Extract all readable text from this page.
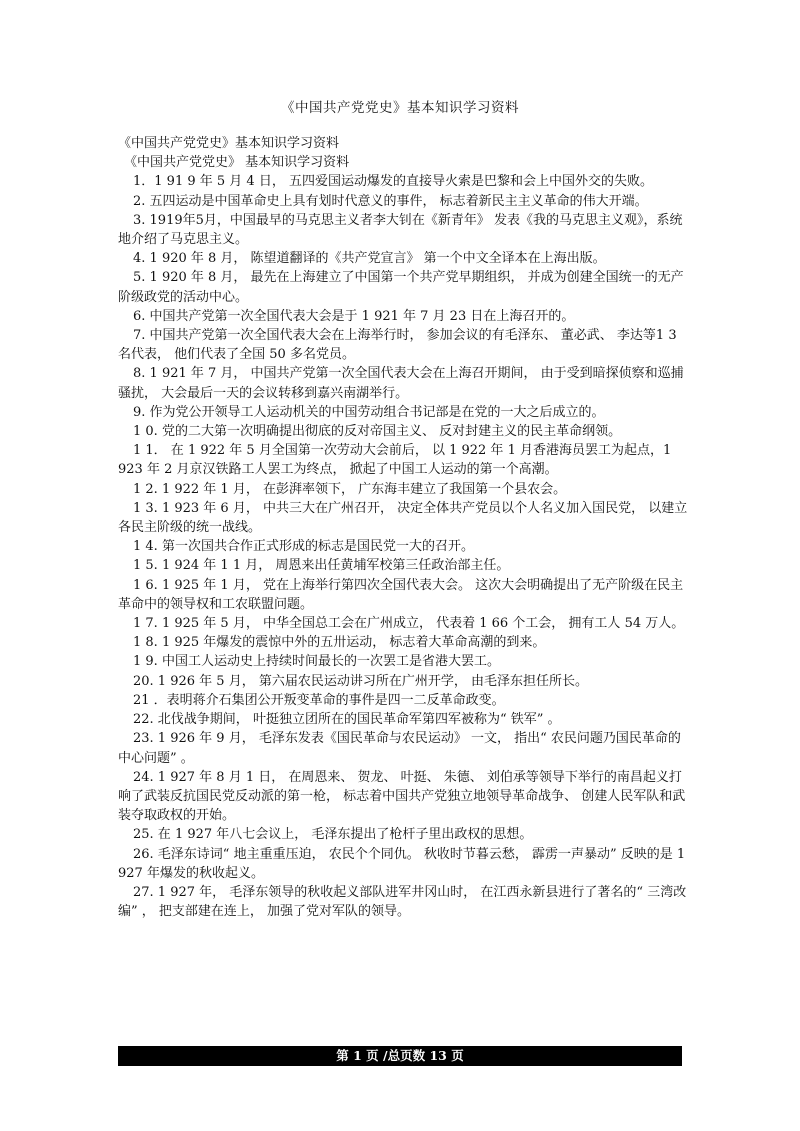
《中国共产党党史》基本知识学习资料

《中国共产党党史》基本知识学习资料

《中国共产党党史》 基本知识学习资料

1．1 91 9 年 5 月 4 日， 五四爱国运动爆发的直接导火索是巴黎和会上中国外交的失败。

2. 五四运动是中国革命史上具有划时代意义的事件， 标志着新民主主义革命的伟大开端。

3. 1919年5月，中国最早的马克思主义者李大钊在《新青年》 发表《我的马克思主义观》，系统地介绍了马克思主义。

4. 1 920 年 8 月， 陈望道翻译的《共产党宣言》 第一个中文全译本在上海出版。

5. 1 920 年 8 月， 最先在上海建立了中国第一个共产党早期组织， 并成为创建全国统一的无产阶级政党的活动中心。

6. 中国共产党第一次全国代表大会是于 1 921 年 7 月 23 日在上海召开的。

7. 中国共产党第一次全国代表大会在上海举行时， 参加会议的有毛泽东、 董必武、 李达等1 3 名代表， 他们代表了全国 50 多名党员。

8. 1 921 年 7 月， 中国共产党第一次全国代表大会在上海召开期间， 由于受到暗探侦察和巡捕骚扰， 大会最后一天的会议转移到嘉兴南湖举行。

9. 作为党公开领导工人运动机关的中国劳动组合书记部是在党的一大之后成立的。

1 0. 党的二大第一次明确提出彻底的反对帝国主义、 反对封建主义的民主革命纲领。

1 1． 在 1 922 年 5 月全国第一次劳动大会前后， 以 1 922 年 1 月香港海员罢工为起点，1 923 年 2 月京汉铁路工人罢工为终点， 掀起了中国工人运动的第一个高潮。

1 2. 1 922 年 1 月， 在彭湃率领下， 广东海丰建立了我国第一个县农会。

1 3. 1 923 年 6 月， 中共三大在广州召开， 决定全体共产党员以个人名义加入国民党， 以建立各民主阶级的统一战线。

1 4. 第一次国共合作正式形成的标志是国民党一大的召开。

1 5. 1 924 年 1 1 月， 周恩来出任黄埔军校第三任政治部主任。

1 6. 1 925 年 1 月， 党在上海举行第四次全国代表大会。 这次大会明确提出了无产阶级在民主革命中的领导权和工农联盟问题。

1 7. 1 925 年 5 月， 中华全国总工会在广州成立， 代表着 1 66 个工会， 拥有工人 54 万人。

1 8. 1 925 年爆发的震惊中外的五卅运动， 标志着大革命高潮的到来。

1 9. 中国工人运动史上持续时间最长的一次罢工是省港大罢工。

20. 1 926 年 5 月， 第六届农民运动讲习所在广州开学， 由毛泽东担任所长。

21 ．表明蒋介石集团公开叛变革命的事件是四一二反革命政变。

22. 北伐战争期间， 叶挺独立团所在的国民革命军第四军被称为“ 铁军” 。

23. 1 926 年 9 月， 毛泽东发表《国民革命与农民运动》 一文， 指出“ 农民问题乃国民革命的中心问题” 。

24. 1 927 年 8 月 1 日， 在周恩来、 贺龙、 叶挺、 朱德、 刘伯承等领导下举行的南昌起义打响了武装反抗国民党反动派的第一枪， 标志着中国共产党独立地领导革命战争、 创建人民军队和武装夺取政权的开始。

25. 在 1 927 年八七会议上， 毛泽东提出了枪杆子里出政权的思想。

26. 毛泽东诗词“ 地主重重压迫， 农民个个同仇。 秋收时节暮云愁， 霹雳一声暴动” 反映的是 1 927 年爆发的秋收起义。

27. 1 927 年， 毛泽东领导的秋收起义部队进军井冈山时， 在江西永新县进行了著名的“ 三湾改编” ， 把支部建在连上， 加强了党对军队的领导。

第 1 页 /总页数 13 页
